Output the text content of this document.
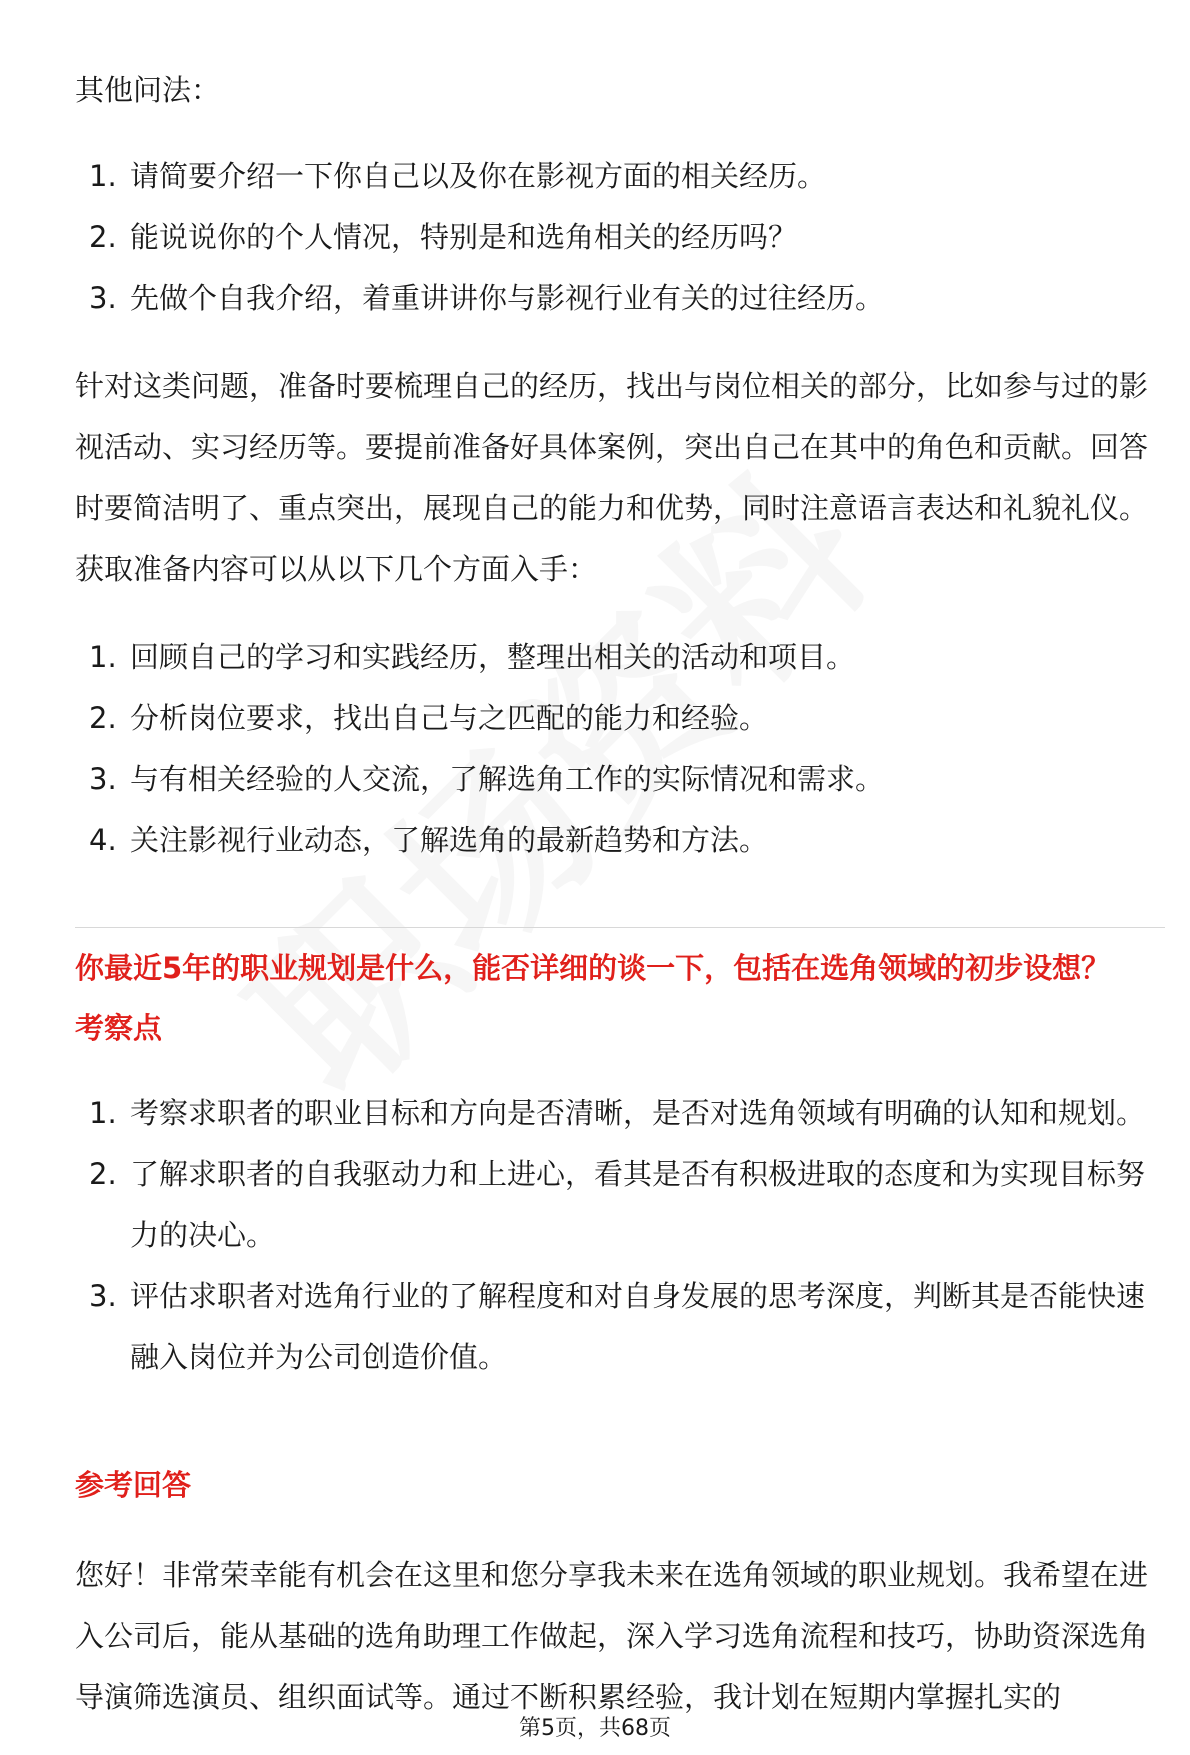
其他问法：

1. 请简要介绍一下你自己以及你在影视方面的相关经历。
2. 能说说你的个人情况，特别是和选角相关的经历吗？
3. 先做个自我介绍，着重讲讲你与影视行业有关的过往经历。

针对这类问题，准备时要梳理自己的经历，找出与岗位相关的部分，比如参与过的影视活动、实习经历等。要提前准备好具体案例，突出自己在其中的角色和贡献。回答时要简洁明了、重点突出，展现自己的能力和优势，同时注意语言表达和礼貌礼仪。 获取准备内容可以从以下几个方面入手：

1. 回顾自己的学习和实践经历，整理出相关的活动和项目。
2. 分析岗位要求，找出自己与之匹配的能力和经验。
3. 与有相关经验的人交流，了解选角工作的实际情况和需求。
4. 关注影视行业动态，了解选角的最新趋势和方法。
你最近5年的职业规划是什么，能否详细的谈一下，包括在选角领域的初步设想？
考察点
1. 考察求职者的职业目标和方向是否清晰，是否对选角领域有明确的认知和规划。
2. 了解求职者的自我驱动力和上进心，看其是否有积极进取的态度和为实现目标努力的决心。
3. 评估求职者对选角行业的了解程度和对自身发展的思考深度，判断其是否能快速融入岗位并为公司创造价值。
参考回答

您好！非常荣幸能有机会在这里和您分享我未来在选角领域的职业规划。我希望在进入公司后，能从基础的选角助理工作做起，深入学习选角流程和技巧，协助资深选角导演筛选演员、组织面试等。通过不断积累经验，我计划在短期内掌握扎实的

第5页，共68页
